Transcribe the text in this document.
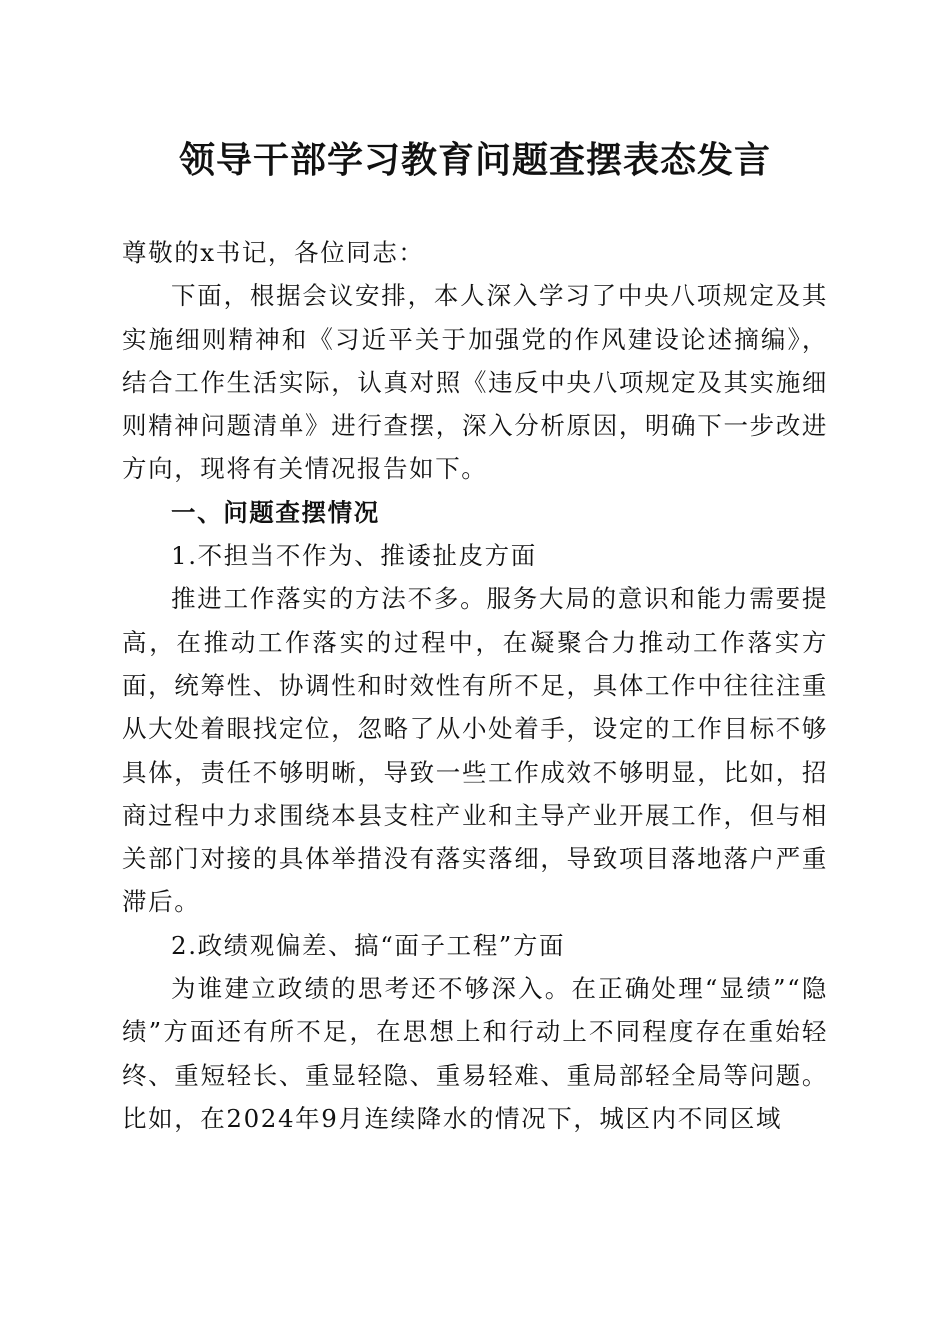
领导干部学习教育问题查摆表态发言

尊敬的x书记，各位同志：

下面，根据会议安排，本人深入学习了中央八项规定及其实施细则精神和《习近平关于加强党的作风建设论述摘编》，结合工作生活实际，认真对照《违反中央八项规定及其实施细则精神问题清单》进行查摆，深入分析原因，明确下一步改进方向，现将有关情况报告如下。

一、问题查摆情况

1.不担当不作为、推诿扯皮方面

推进工作落实的方法不多。服务大局的意识和能力需要提高，在推动工作落实的过程中，在凝聚合力推动工作落实方面，统筹性、协调性和时效性有所不足，具体工作中往往注重从大处着眼找定位，忽略了从小处着手，设定的工作目标不够具体，责任不够明晰，导致一些工作成效不够明显，比如，招商过程中力求围绕本县支柱产业和主导产业开展工作，但与相关部门对接的具体举措没有落实落细，导致项目落地落户严重滞后。

2.政绩观偏差、搞“面子工程”方面

为谁建立政绩的思考还不够深入。在正确处理“显绩”“隐绩”方面还有所不足，在思想上和行动上不同程度存在重始轻终、重短轻长、重显轻隐、重易轻难、重局部轻全局等问题。比如，在2024年9月连续降水的情况下，城区内不同区域
